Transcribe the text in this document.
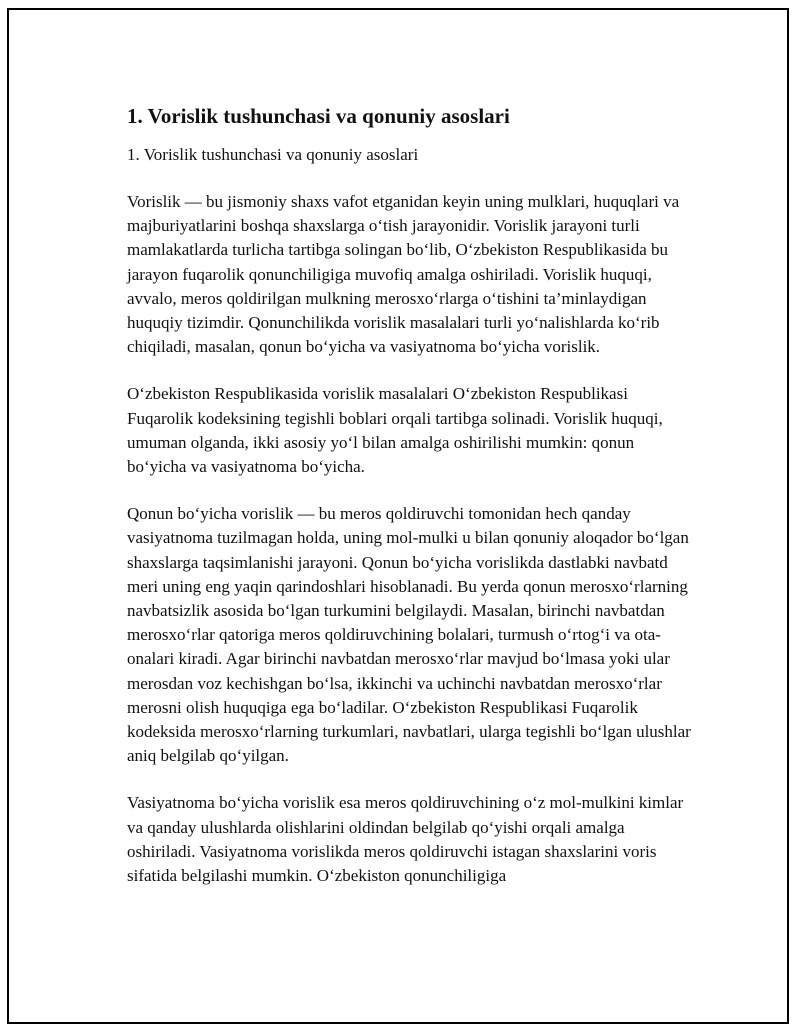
1. Vorislik tushunchasi va qonuniy asoslari

1. Vorislik tushunchasi va qonuniy asoslari

Vorislik — bu jismoniy shaxs vafot etganidan keyin uning mulklari, huquqlari va majburiyatlarini boshqa shaxslarga o‘tish jarayonidir. Vorislik jarayoni turli mamlakatlarda turlicha tartibga solingan bo‘lib, O‘zbekiston Respublikasida bu jarayon fuqarolik qonunchiligiga muvofiq amalga oshiriladi. Vorislik huquqi, avvalo, meros qoldirilgan mulkning merosxo‘rlarga o‘tishini ta’minlaydigan huquqiy tizimdir. Qonunchilikda vorislik masalalari turli yo‘nalishlarda ko‘rib chiqiladi, masalan, qonun bo‘yicha va vasiyatnoma bo‘yicha vorislik.

O‘zbekiston Respublikasida vorislik masalalari O‘zbekiston Respublikasi Fuqarolik kodeksining tegishli boblari orqali tartibga solinadi. Vorislik huquqi, umuman olganda, ikki asosiy yo‘l bilan amalga oshirilishi mumkin: qonun bo‘yicha va vasiyatnoma bo‘yicha.

Qonun bo‘yicha vorislik — bu meros qoldiruvchi tomonidan hech qanday vasiyatnoma tuzilmagan holda, uning mol-mulki u bilan qonuniy aloqador bo‘lgan shaxslarga taqsimlanishi jarayoni. Qonun bo‘yicha vorislikda dastlabki navbatd meri uning eng yaqin qarindoshlari hisoblanadi. Bu yerda qonun merosxo‘rlarning navbatsizlik asosida bo‘lgan turkumini belgilaydi. Masalan, birinchi navbatdan merosxo‘rlar qatoriga meros qoldiruvchining bolalari, turmush o‘rtog‘i va ota-onalari kiradi. Agar birinchi navbatdan merosxo‘rlar mavjud bo‘lmasa yoki ular merosdan voz kechishgan bo‘lsa, ikkinchi va uchinchi navbatdan merosxo‘rlar merosni olish huquqiga ega bo‘ladilar. O‘zbekiston Respublikasi Fuqarolik kodeksida merosxo‘rlarning turkumlari, navbatlari, ularga tegishli bo‘lgan ulushlar aniq belgilab qo‘yilgan.

Vasiyatnoma bo‘yicha vorislik esa meros qoldiruvchining o‘z mol-mulkini kimlar va qanday ulushlarda olishlarini oldindan belgilab qo‘yishi orqali amalga oshiriladi. Vasiyatnoma vorislikda meros qoldiruvchi istagan shaxslarini voris sifatida belgilashi mumkin. O‘zbekiston qonunchiligiga
